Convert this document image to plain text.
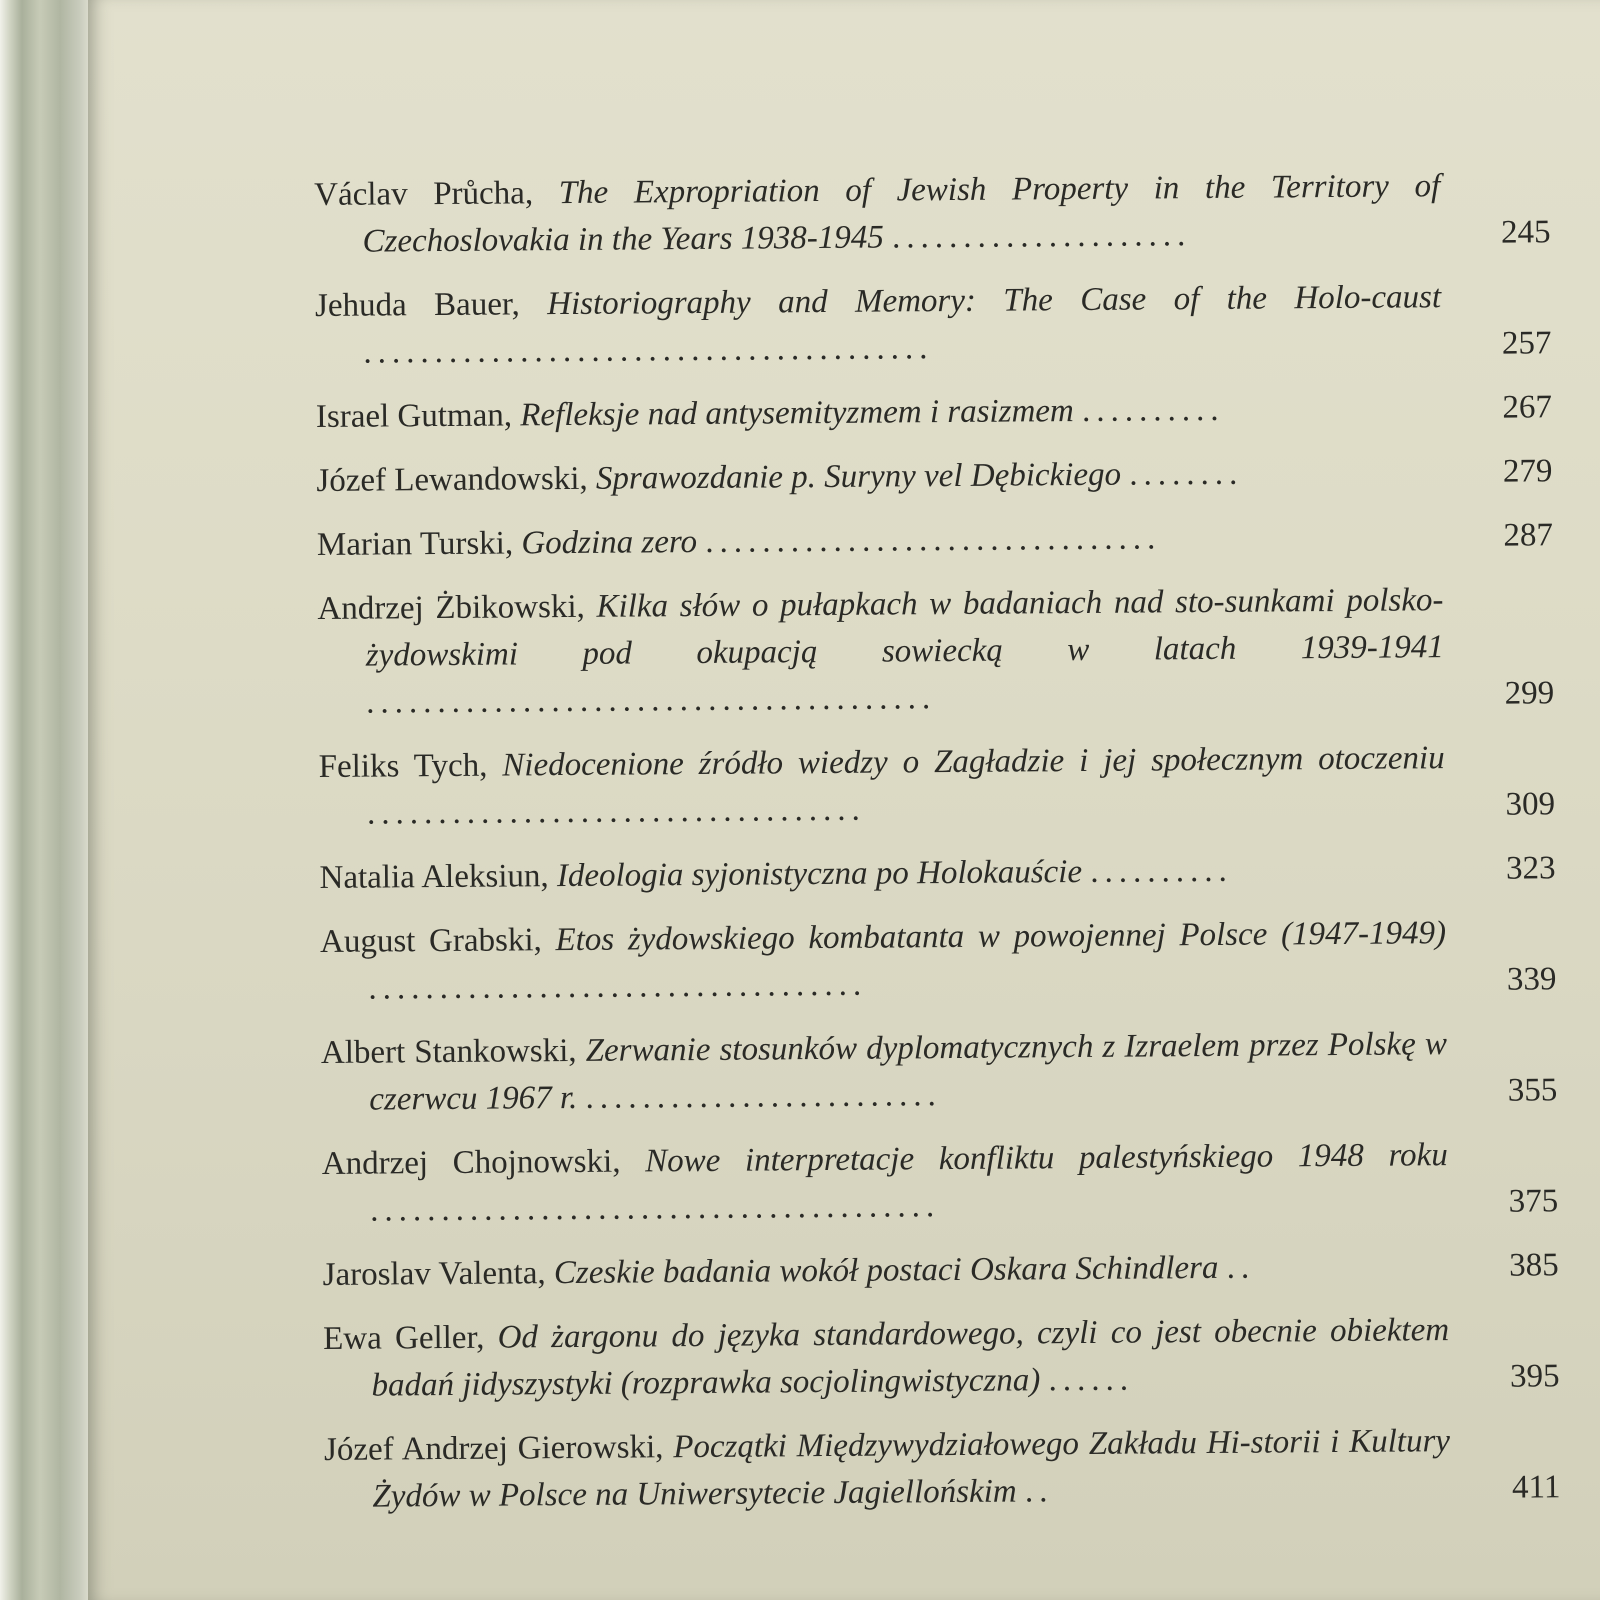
Václav Průcha, The Expropriation of Jewish Property in the Territory of Czechoslovakia in the Years 1938-1945 .....................	245
Jehuda Bauer, Historiography and Memory: The Case of the Holo-caust ........................................	257
Israel Gutman, Refleksje nad antysemityzmem i rasizmem ..........	267
Józef Lewandowski, Sprawozdanie p. Suryny vel Dębickiego ........	279
Marian Turski, Godzina zero ................................	287
Andrzej Żbikowski, Kilka słów o pułapkach w badaniach nad sto-sunkami polsko-żydowskimi pod okupacją sowiecką w latach 1939-1941 ........................................	299
Feliks Tych, Niedocenione źródło wiedzy o Zagładzie i jej społecznym otoczeniu ...................................	309
Natalia Aleksiun, Ideologia syjonistyczna po Holokauście ..........	323
August Grabski, Etos żydowskiego kombatanta w powojennej Polsce (1947-1949) ...................................	339
Albert Stankowski, Zerwanie stosunków dyplomatycznych z Izraelem przez Polskę w czerwcu 1967 r. .........................	355
Andrzej Chojnowski, Nowe interpretacje konfliktu palestyńskiego 1948 roku ........................................	375
Jaroslav Valenta, Czeskie badania wokół postaci Oskara Schindlera ..	385
Ewa Geller, Od żargonu do języka standardowego, czyli co jest obecnie obiektem badań jidyszystyki (rozprawka socjolingwistyczna) ......	395
Józef Andrzej Gierowski, Początki Międzywydziałowego Zakładu Hi-storii i Kultury Żydów w Polsce na Uniwersytecie Jagiellońskim ..	411
